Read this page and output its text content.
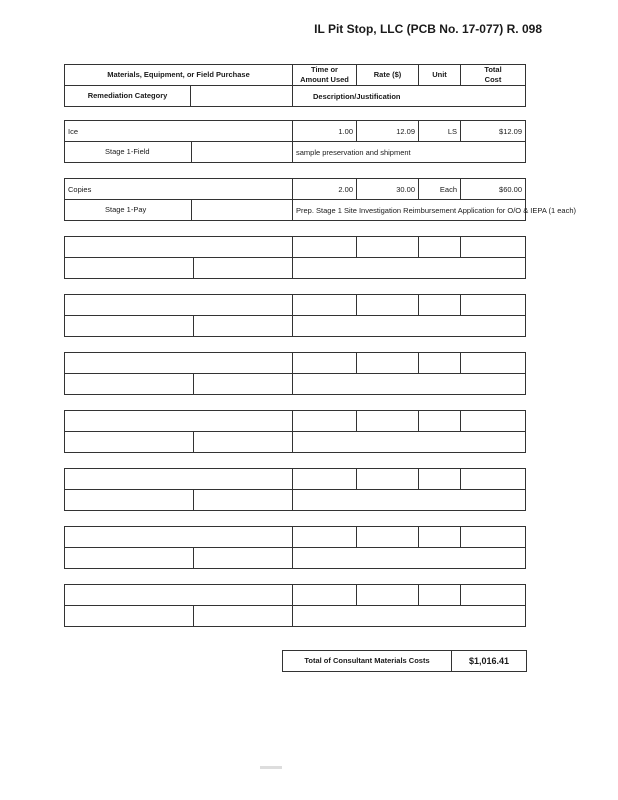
IL Pit Stop, LLC (PCB No. 17-077) R. 098
Materials, Equipment, or Field Purchase	Time or
Amount Used	Rate ($)	Unit	Total
Cost

Remediation Category	Description/Justification			
Ice	1.00	12.09	LS	$12.09

Stage 1-Field	sample preservation and shipment			
Copies	2.00	30.00	Each	$60.00

Stage 1-Pay	Prep. Stage 1 Site Investigation Reimbursement Application for O/O & IEPA (1 each)			

Total of Consultant Materials Costs	$1,016.41
